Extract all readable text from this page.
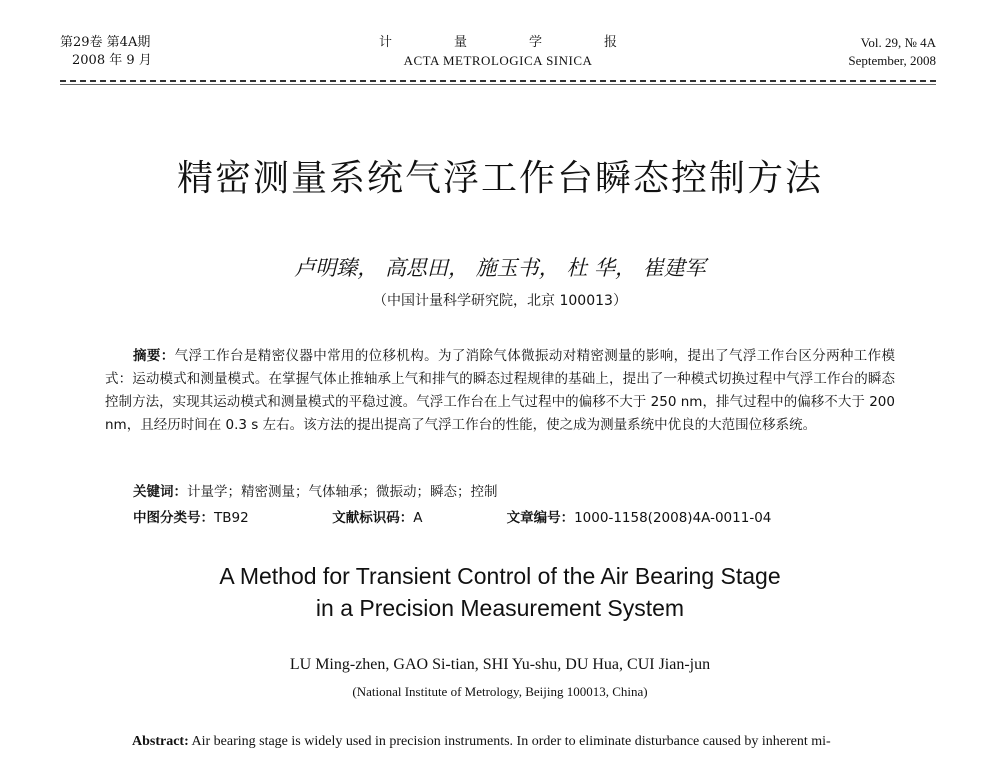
第29卷 第4A期
2008 年 9 月
计量学报
ACTA METROLOGICA SINICA
Vol. 29, № 4A
September, 2008
精密测量系统气浮工作台瞬态控制方法
卢明臻， 高思田， 施玉书， 杜 华， 崔建军
（中国计量科学研究院，北京 100013）
摘要：气浮工作台是精密仪器中常用的位移机构。为了消除气体微振动对精密测量的影响，提出了气浮工作台区分两种工作模式：运动模式和测量模式。在掌握气体止推轴承上气和排气的瞬态过程规律的基础上，提出了一种模式切换过程中气浮工作台的瞬态控制方法，实现其运动模式和测量模式的平稳过渡。气浮工作台在上气过程中的偏移不大于 250 nm，排气过程中的偏移不大于 200 nm，且经历时间在 0.3 s 左右。该方法的提出提高了气浮工作台的性能，使之成为测量系统中优良的大范围位移系统。
关键词：计量学；精密测量；气体轴承；微振动；瞬态；控制
中图分类号：TB92	文献标识码：A	文章编号：1000-1158(2008)4A-0011-04
A Method for Transient Control of the Air Bearing Stage
in a Precision Measurement System
LU Ming-zhen, GAO Si-tian, SHI Yu-shu, DU Hua, CUI Jian-jun
(National Institute of Metrology, Beijing 100013, China)
Abstract: Air bearing stage is widely used in precision instruments. In order to eliminate disturbance caused by inherent mi-
